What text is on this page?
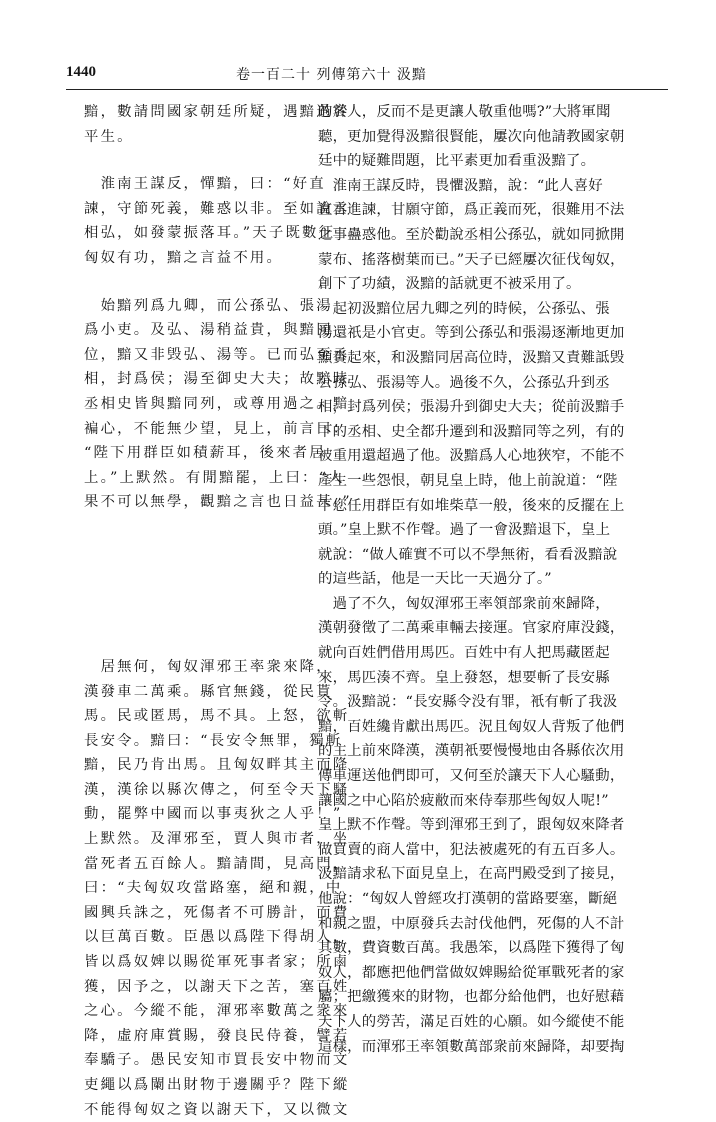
1440	卷一百二十 列傳第六十 汲黯
黯，數請問國家朝廷所疑，遇黯過於
平生。
　淮南王謀反，憚黯，曰：“好直
諫，守節死義，難惑以非。至如說丞
相弘，如發蒙振落耳。”天子既數征
匈奴有功，黯之言益不用。
　始黯列爲九卿，而公孫弘、張湯
爲小吏。及弘、湯稍益貴，與黯同
位，黯又非毁弘、湯等。已而弘至丞
相，封爲侯；湯至御史大夫；故黯時
丞相史皆與黯同列，或尊用過之。黯
褊心，不能無少望，見上，前言曰：
“陛下用群臣如積薪耳，後來者居
上。”上默然。有閒黯罷，上曰：“人
果不可以無學，觀黯之言也日益甚。”
　居無何，匈奴渾邪王率衆來降，
漢發車二萬乘。縣官無錢，從民貰
馬。民或匿馬，馬不具。上怒，欲斬
長安令。黯曰：“長安令無罪，獨斬
黯，民乃肯出馬。且匈奴畔其主而降
漢，漢徐以縣次傳之，何至令天下騷
動，罷弊中國而以事夷狄之人乎！”
上默然。及渾邪至，賈人與市者，坐
當死者五百餘人。黯請間，見高門，
曰：“夫匈奴攻當路塞，絕和親，中
國興兵誅之，死傷者不可勝計，而費
以巨萬百數。臣愚以爲陛下得胡人，
皆以爲奴婢以賜從軍死事者家；所鹵
獲，因予之，以謝天下之苦，塞百姓
之心。今縱不能，渾邪率數萬之衆來
降，虛府庫賞賜，發良民侍養，譬若
奉驕子。愚民安知市買長安中物而文
吏繩以爲闌出財物于邊關乎？陛下縱
不能得匈奴之資以謝天下，又以微文
的客人，反而不是更讓人敬重他嗎?”大將軍聞
聽，更加覺得汲黯很賢能，屢次向他請教國家朝
廷中的疑難問題，比平素更加看重汲黯了。
　淮南王謀反時，畏懼汲黯，說：“此人喜好
直言進諫，甘願守節，爲正義而死，很難用不法
之事蠱惑他。至於勸說丞相公孫弘，就如同掀開
蒙布、搖落樹葉而已。”天子已經屢次征伐匈奴，
創下了功績，汲黯的話就更不被采用了。
　起初汲黯位居九卿之列的時候，公孫弘、張
湯還祇是小官吏。等到公孫弘和張湯逐漸地更加
顯貴起來，和汲黯同居高位時，汲黯又責難詆毁
公孫弘、張湯等人。過後不久，公孫弘升到丞
相，封爲列侯；張湯升到御史大夫；從前汲黯手
下的丞相、史全都升遷到和汲黯同等之列，有的
被重用還超過了他。汲黯爲人心地狹窄，不能不
產生一些怨恨，朝見皇上時，他上前說道：“陛
下您任用群臣有如堆柴草一般，後來的反擺在上
頭。”皇上默不作聲。過了一會汲黯退下，皇上
就說：“做人確實不可以不學無術，看看汲黯說
的這些話，他是一天比一天過分了。”
　過了不久，匈奴渾邪王率領部衆前來歸降，
漢朝發徵了二萬乘車輛去接運。官家府庫没錢，
就向百姓們借用馬匹。百姓中有人把馬藏匿起
來，馬匹湊不齊。皇上發怒，想要斬了長安縣
令。汲黯説：“長安縣令没有罪，衹有斬了我汲
黯，百姓纔肯獻出馬匹。況且匈奴人背叛了他們
的主上前來降漢，漢朝衹要慢慢地由各縣依次用
傳車運送他們即可，又何至於讓天下人心騷動，
讓國之中心陷於疲敝而來侍奉那些匈奴人呢!”
皇上默不作聲。等到渾邪王到了，跟匈奴來降者
做買賣的商人當中，犯法被處死的有五百多人。
汲黯請求私下面見皇上，在高門殿受到了接見，
他說：“匈奴人曾經攻打漢朝的當路要塞，斷絕
和親之盟，中原發兵去討伐他們，死傷的人不計
其數，費資數百萬。我愚笨，以爲陛下獲得了匈
奴人，都應把他們當做奴婢賜給從軍戰死者的家
屬；把繳獲來的財物，也都分給他們，也好慰藉
天下人的勞苦，滿足百姓的心願。如今縱使不能
這樣，而渾邪王率領數萬部衆前來歸降，却要掏
